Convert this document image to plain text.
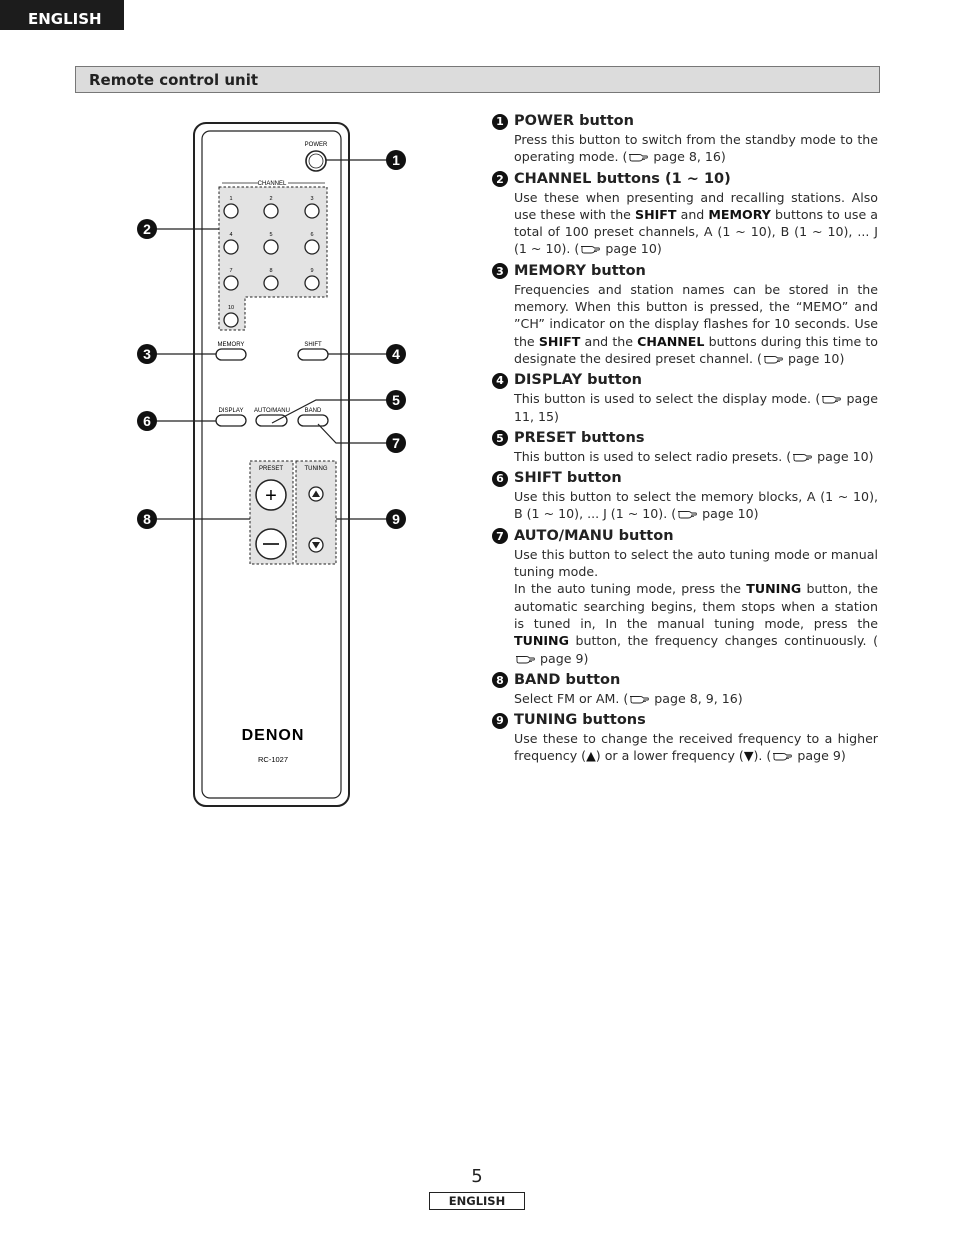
ENGLISH
Remote control unit
POWER
CHANNEL
1	2	3
4	5	6
7	8	9
10
MEMORY	SHIFT
DISPLAY AUTO/MANU BAND
PRESET
+
TUNING
DENON
RC-1027
1
2
3	4
5
6
7
8	9
1 POWER button
Press this button to switch from the standby mode to the operating mode. ( page 8, 16)
2 CHANNEL buttons (1 ~ 10)
Use these when presenting and recalling stations. Also use these with the SHIFT and MEMORY buttons to use a total of 100 preset channels, A (1 ~ 10), B (1 ~ 10), ... J (1 ~ 10). ( page 10)
3 MEMORY button
Frequencies and station names can be stored in the memory. When this button is pressed, the “MEMO” and ”CH” indicator on the display flashes for 10 seconds. Use the SHIFT and the CHANNEL buttons during this time to designate the desired preset channel. ( page 10)
4 DISPLAY button
This button is used to select the display mode. ( page 11, 15)
5 PRESET buttons
This button is used to select radio presets. ( page 10)
6 SHIFT button
Use this button to select the memory blocks, A (1 ~ 10), B (1 ~ 10), ... J (1 ~ 10). ( page 10)
7 AUTO/MANU button
Use this button to select the auto tuning mode or manual tuning mode.
In the auto tuning mode, press the TUNING button, the automatic searching begins, them stops when a station is tuned in, In the manual tuning mode, press the TUNING button, the frequency changes continuously. ( page 9)
8 BAND button
Select FM or AM. ( page 8, 9, 16)
9 TUNING buttons
Use these to change the received frequency to a higher frequency (▲) or a lower frequency (▼). ( page 9)
5
ENGLISH
